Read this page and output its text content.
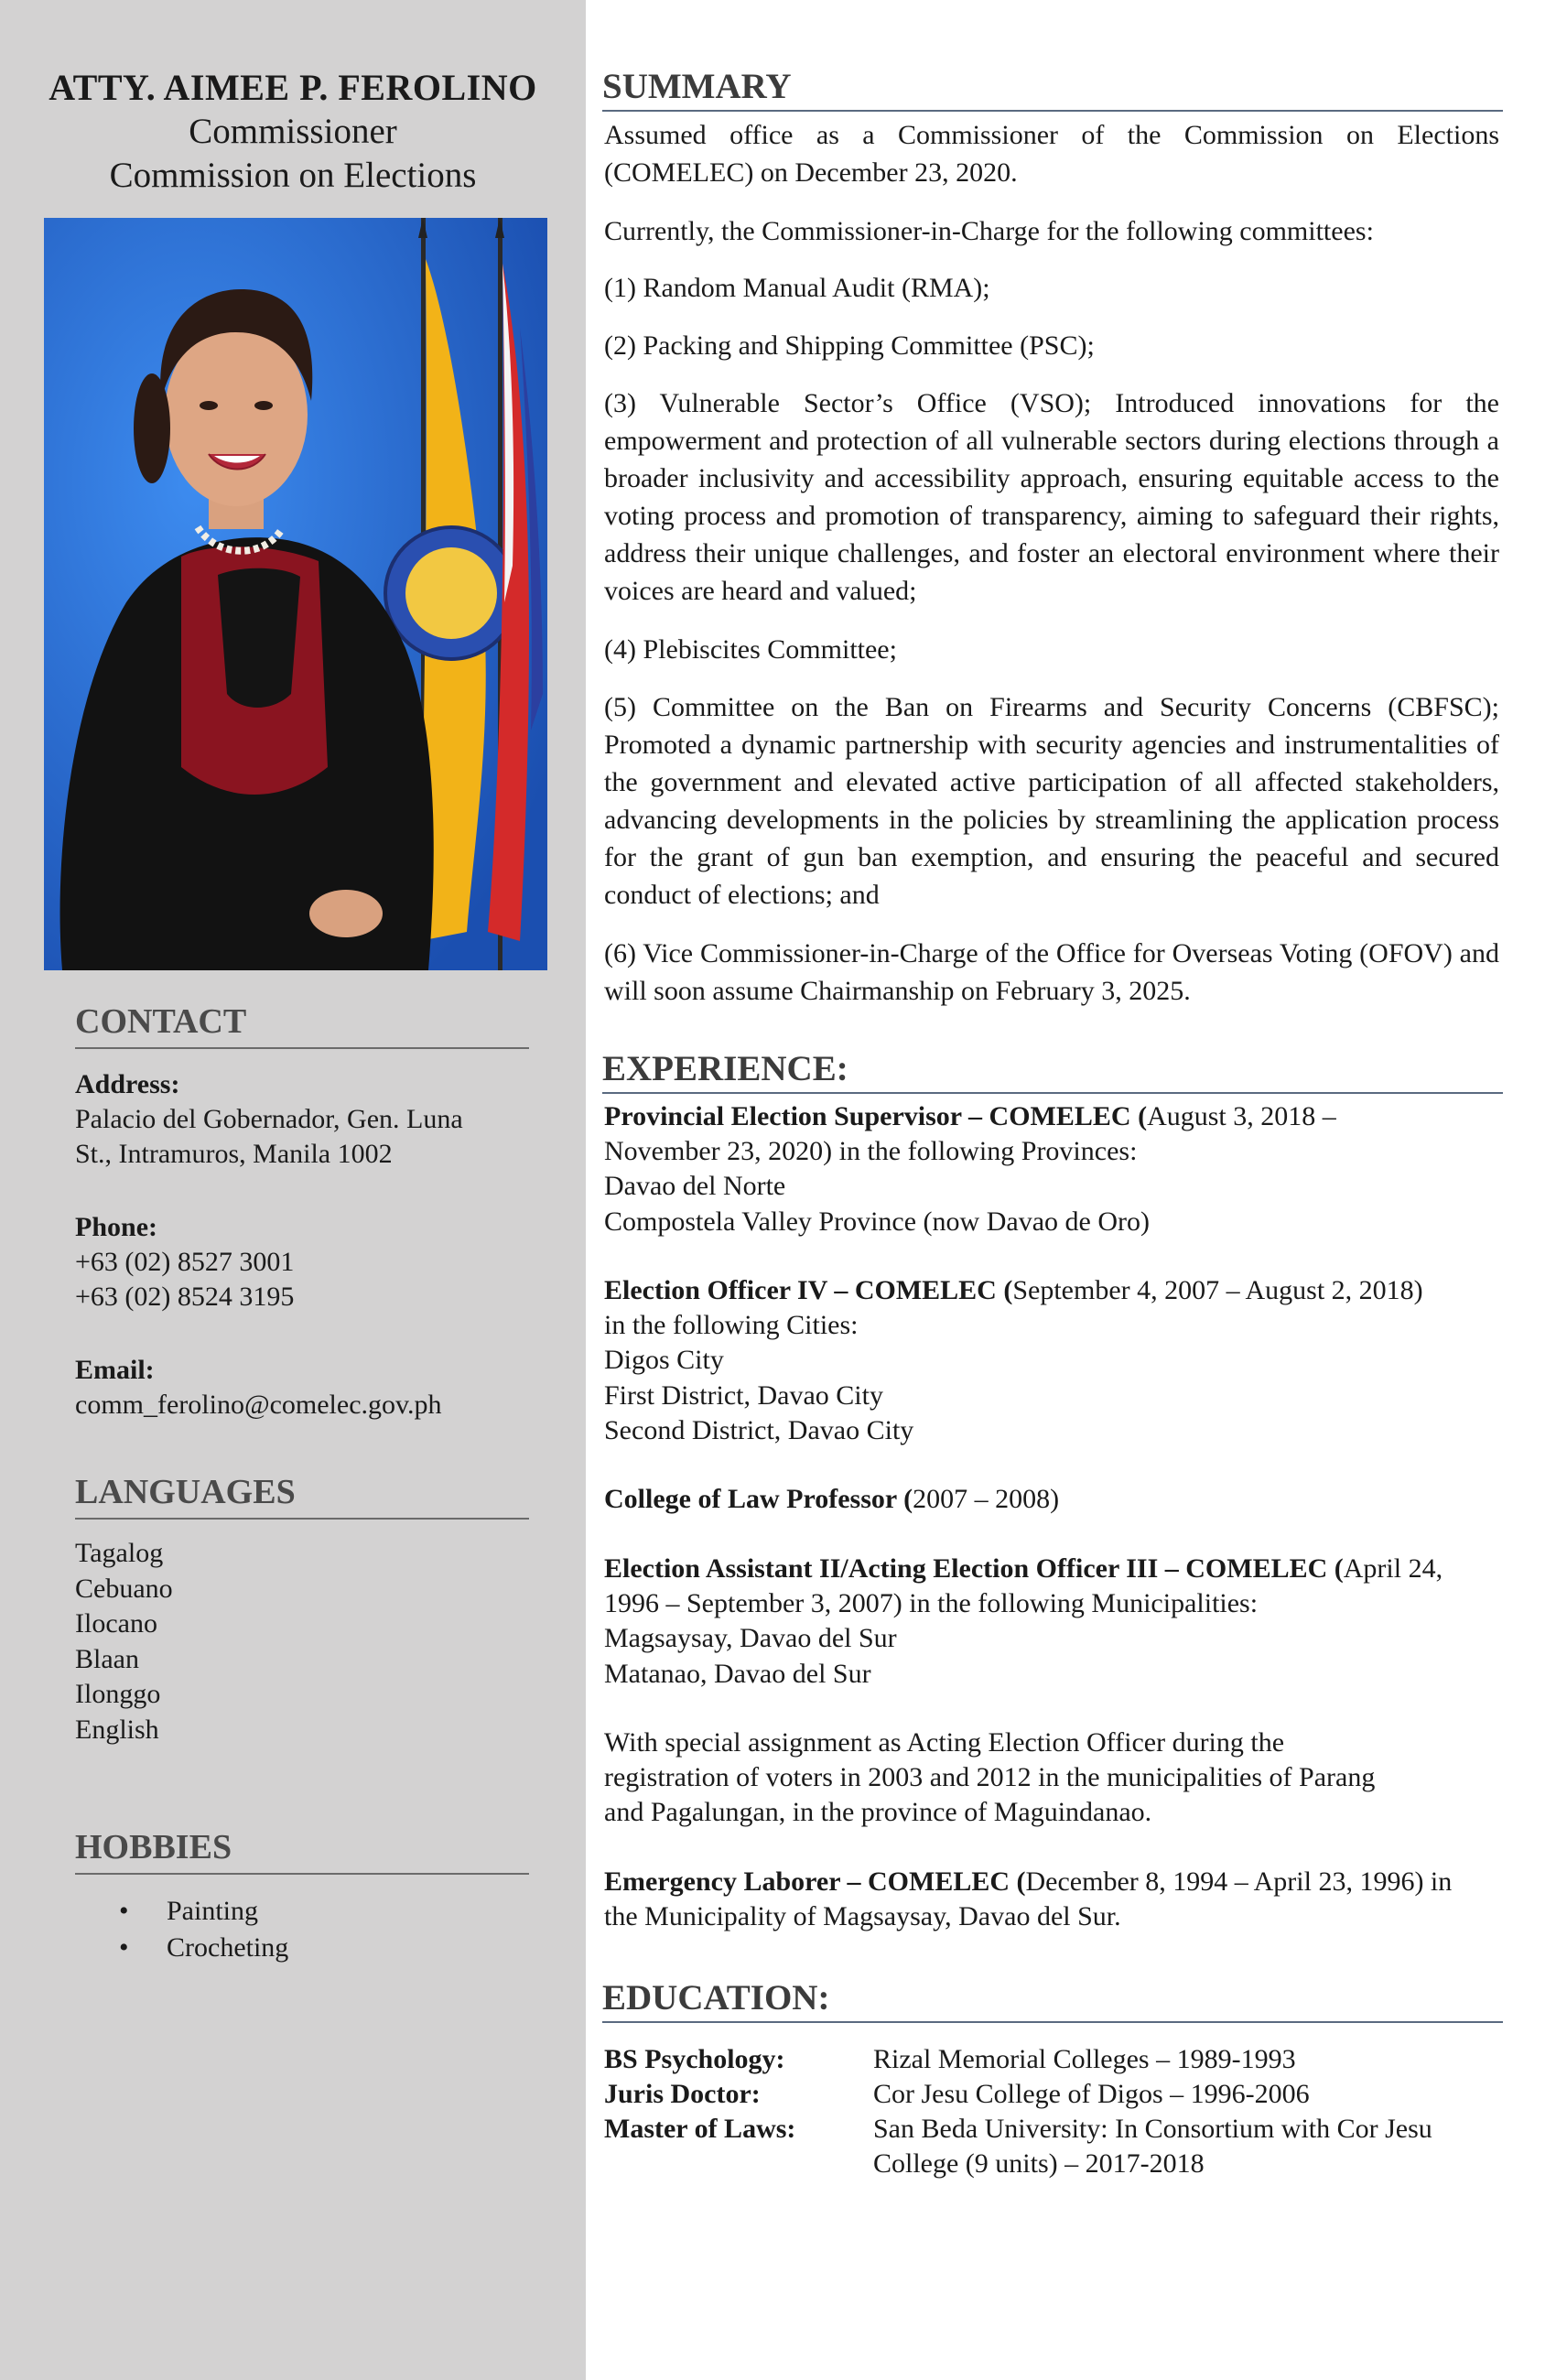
ATTY. AIMEE P. FEROLINO
Commissioner
Commission on Elections
CONTACT
Address:
Palacio del Gobernador, Gen. Luna
St., Intramuros, Manila 1002
Phone:
+63 (02) 8527 3001
+63 (02) 8524 3195
Email:
comm_ferolino@comelec.gov.ph
LANGUAGES
Tagalog
Cebuano
Ilocano
Blaan
Ilonggo
English
HOBBIES
• Painting
• Crocheting
SUMMARY
Assumed office as a Commissioner of the Commission on Elections (COMELEC) on December 23, 2020.
Currently, the Commissioner-in-Charge for the following committees:
(1) Random Manual Audit (RMA);
(2) Packing and Shipping Committee (PSC);
(3) Vulnerable Sector’s Office (VSO); Introduced innovations for the empowerment and protection of all vulnerable sectors during elections through a broader inclusivity and accessibility approach, ensuring equitable access to the voting process and promotion of transparency, aiming to safeguard their rights, address their unique challenges, and foster an electoral environment where their voices are heard and valued;
(4) Plebiscites Committee;
(5) Committee on the Ban on Firearms and Security Concerns (CBFSC); Promoted a dynamic partnership with security agencies and instrumentalities of the government and elevated active participation of all affected stakeholders, advancing developments in the policies by streamlining the application process for the grant of gun ban exemption, and ensuring the peaceful and secured conduct of elections; and
(6) Vice Commissioner-in-Charge of the Office for Overseas Voting (OFOV) and will soon assume Chairmanship on February 3, 2025.
EXPERIENCE:
Provincial Election Supervisor – COMELEC (August 3, 2018 –
November 23, 2020) in the following Provinces:
Davao del Norte
Compostela Valley Province (now Davao de Oro)
Election Officer IV – COMELEC (September 4, 2007 – August 2, 2018)
in the following Cities:
Digos City
First District, Davao City
Second District, Davao City
College of Law Professor (2007 – 2008)
Election Assistant II/Acting Election Officer III – COMELEC (April 24,
1996 – September 3, 2007) in the following Municipalities:
Magsaysay, Davao del Sur
Matanao, Davao del Sur
With special assignment as Acting Election Officer during the
registration of voters in 2003 and 2012 in the municipalities of Parang
and Pagalungan, in the province of Maguindanao.
Emergency Laborer – COMELEC (December 8, 1994 – April 23, 1996) in
the Municipality of Magsaysay, Davao del Sur.
EDUCATION:
BS Psychology:	Rizal Memorial Colleges – 1989-1993
Juris Doctor:	Cor Jesu College of Digos – 1996-2006
Master of Laws:	San Beda University: In Consortium with Cor Jesu College (9 units) – 2017-2018
